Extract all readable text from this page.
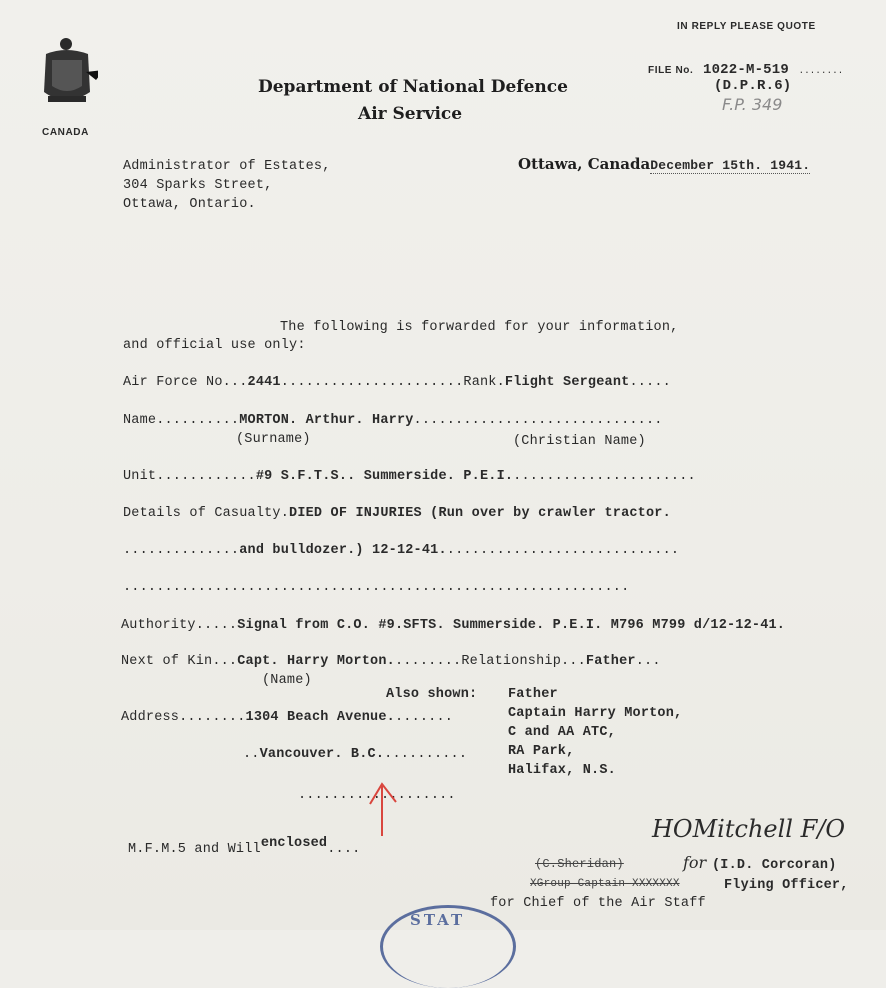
CANADA
Department of National Defence
Air Service
IN REPLY PLEASE QUOTE
FILE No. 1022-M-519 ........
(D.P.R.6)
F.P. 349
Ottawa, CanadaDecember 15th. 1941.
Administrator of Estates,
304 Sparks Street,
Ottawa, Ontario.
The following is forwarded for your information,
and official use only:
Air Force No...2441......................Rank.Flight Sergeant.....
Name..........MORTON. Arthur. Harry..............................
(Surname)	(Christian Name)
Unit............#9 S.F.T.S.. Summerside. P.E.I.......................
Details of Casualty.DIED OF INJURIES (Run over by crawler tractor.
..............and bulldozer.) 12-12-41.............................
.............................................................
Authority.....Signal from C.O. #9.SFTS. Summerside. P.E.I. M796 M799 d/12-12-41.
Next of Kin...Capt. Harry Morton.........Relationship...Father...
(Name)
Also shown:
Address........1304 Beach Avenue........
..Vancouver. B.C...........
...................
Father
Captain Harry Morton,
C and AA ATC,
RA Park,
Halifax, N.S.
M.F.M.5 and Willenclosed....
HOMitchell F/O
(C.Sheridan)	for (I.D. Corcoran)
XGroup Captain XXXXXXX	Flying Officer,
for Chief of the Air Staff
STAT
